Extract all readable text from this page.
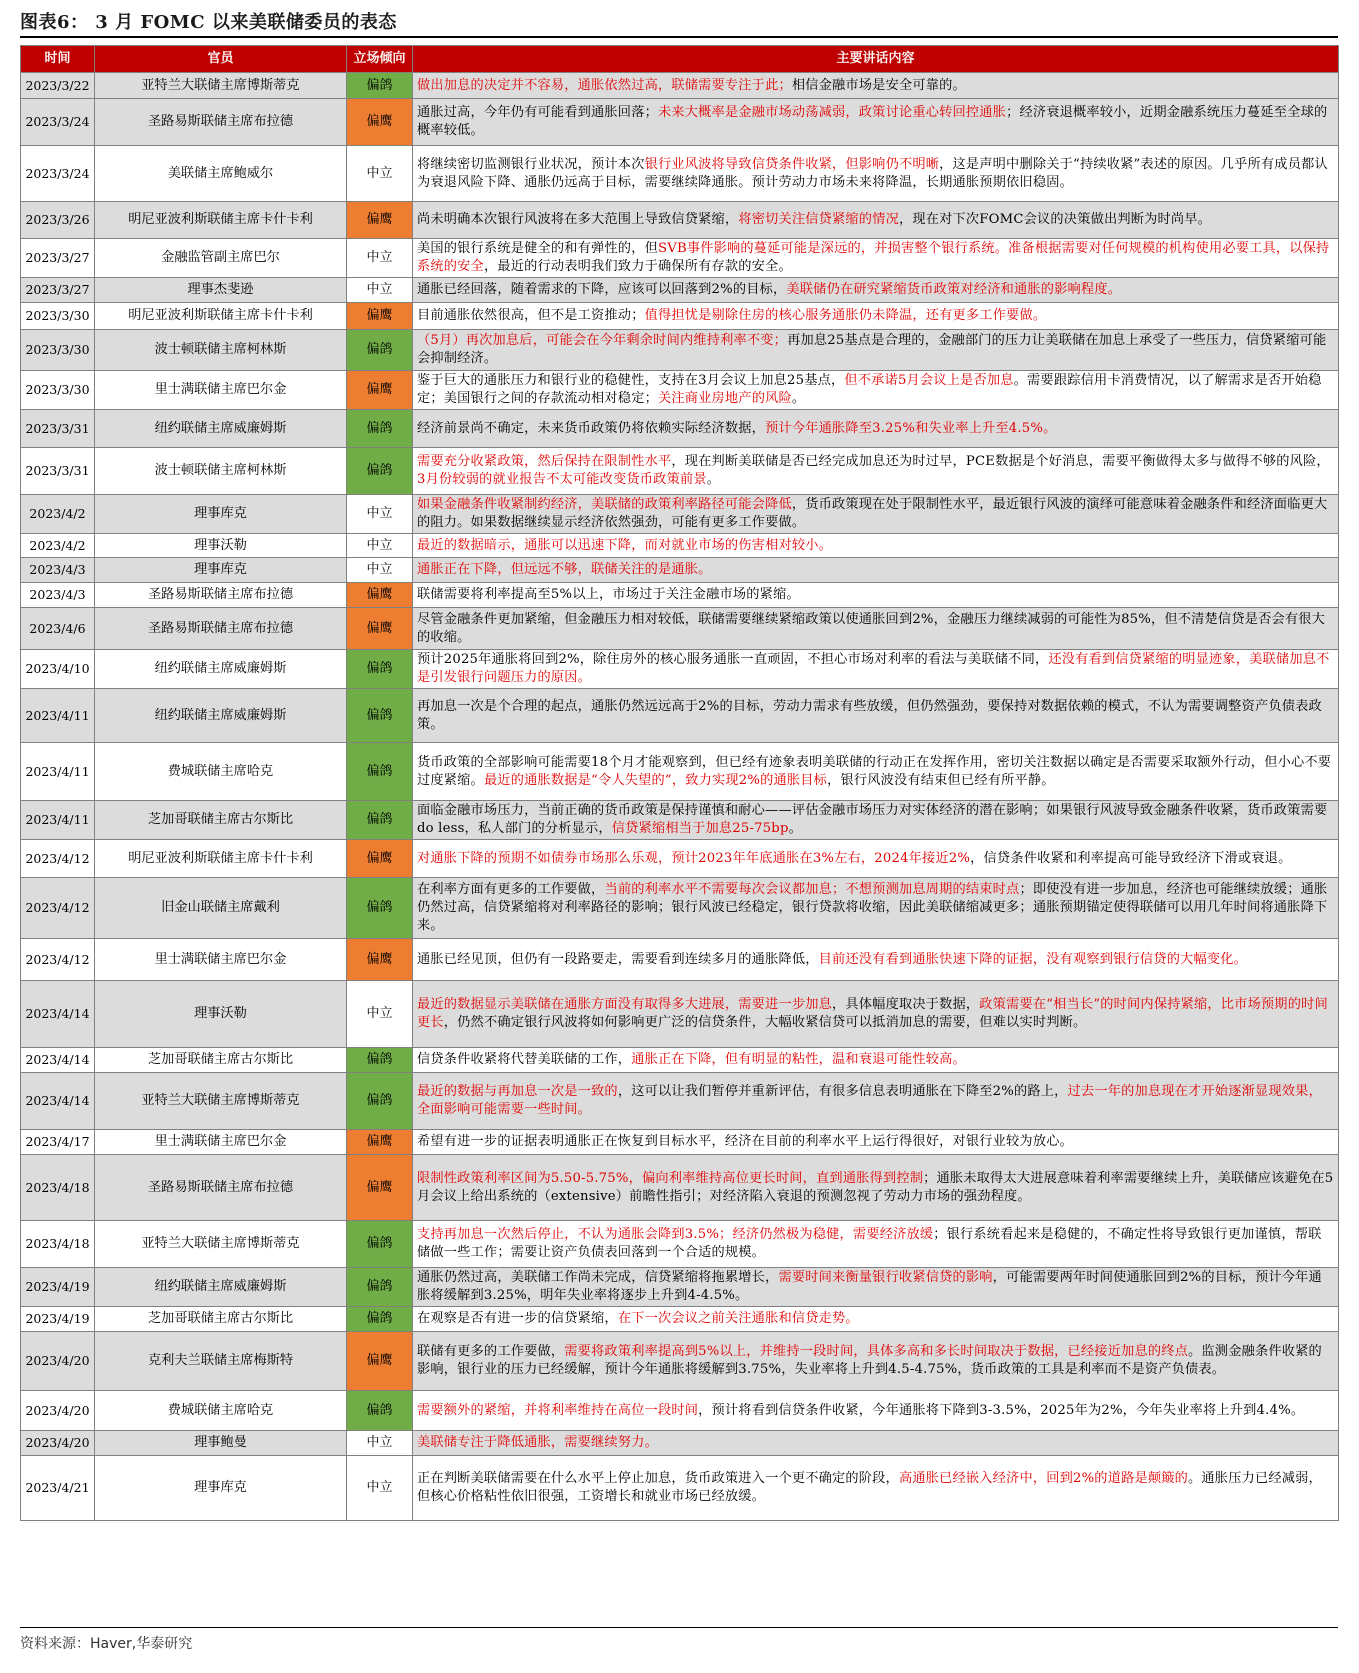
图表6： 3 月 FOMC 以来美联储委员的表态
时间	官员	立场倾向	主要讲话内容
2023/3/22	亚特兰大联储主席博斯蒂克	偏鸽	做出加息的决定并不容易，通胀依然过高，联储需要专注于此；相信金融市场是安全可靠的。
2023/3/24	圣路易斯联储主席布拉德	偏鹰	通胀过高，今年仍有可能看到通胀回落；未来大概率是金融市场动荡减弱，政策讨论重心转回控通胀；经济衰退概率较小，近期金融系统压力蔓延至全球的概率较低。
2023/3/24	美联储主席鲍威尔	中立	将继续密切监测银行业状况，预计本次银行业风波将导致信贷条件收紧，但影响仍不明晰，这是声明中删除关于“持续收紧”表述的原因。几乎所有成员都认为衰退风险下降、通胀仍远高于目标，需要继续降通胀。预计劳动力市场未来将降温，长期通胀预期依旧稳固。
2023/3/26	明尼亚波利斯联储主席卡什卡利	偏鹰	尚未明确本次银行风波将在多大范围上导致信贷紧缩，将密切关注信贷紧缩的情况，现在对下次FOMC会议的决策做出判断为时尚早。
2023/3/27	金融监管副主席巴尔	中立	美国的银行系统是健全的和有弹性的，但SVB事件影响的蔓延可能是深远的，并损害整个银行系统。准备根据需要对任何规模的机构使用必要工具，以保持系统的安全，最近的行动表明我们致力于确保所有存款的安全。
2023/3/27	理事杰斐逊	中立	通胀已经回落，随着需求的下降，应该可以回落到2%的目标，美联储仍在研究紧缩货币政策对经济和通胀的影响程度。
2023/3/30	明尼亚波利斯联储主席卡什卡利	偏鹰	目前通胀依然很高，但不是工资推动；值得担忧是剔除住房的核心服务通胀仍未降温，还有更多工作要做。
2023/3/30	波士顿联储主席柯林斯	偏鸽	（5月）再次加息后，可能会在今年剩余时间内维持利率不变；再加息25基点是合理的，金融部门的压力让美联储在加息上承受了一些压力，信贷紧缩可能会抑制经济。
2023/3/30	里士满联储主席巴尔金	偏鹰	鉴于巨大的通胀压力和银行业的稳健性，支持在3月会议上加息25基点，但不承诺5月会议上是否加息。需要跟踪信用卡消费情况，以了解需求是否开始稳定；美国银行之间的存款流动相对稳定；关注商业房地产的风险。
2023/3/31	纽约联储主席威廉姆斯	偏鸽	经济前景尚不确定，未来货币政策仍将依赖实际经济数据，预计今年通胀降至3.25%和失业率上升至4.5%。
2023/3/31	波士顿联储主席柯林斯	偏鸽	需要充分收紧政策，然后保持在限制性水平，现在判断美联储是否已经完成加息还为时过早，PCE数据是个好消息，需要平衡做得太多与做得不够的风险，3月份较弱的就业报告不太可能改变货币政策前景。
2023/4/2	理事库克	中立	如果金融条件收紧制约经济，美联储的政策利率路径可能会降低，货币政策现在处于限制性水平，最近银行风波的演绎可能意味着金融条件和经济面临更大的阻力。如果数据继续显示经济依然强劲，可能有更多工作要做。
2023/4/2	理事沃勒	中立	最近的数据暗示，通胀可以迅速下降，而对就业市场的伤害相对较小。
2023/4/3	理事库克	中立	通胀正在下降，但远远不够，联储关注的是通胀。
2023/4/3	圣路易斯联储主席布拉德	偏鹰	联储需要将利率提高至5%以上，市场过于关注金融市场的紧缩。
2023/4/6	圣路易斯联储主席布拉德	偏鹰	尽管金融条件更加紧缩，但金融压力相对较低，联储需要继续紧缩政策以使通胀回到2%，金融压力继续减弱的可能性为85%，但不清楚信贷是否会有很大的收缩。
2023/4/10	纽约联储主席威廉姆斯	偏鸽	预计2025年通胀将回到2%，除住房外的核心服务通胀一直顽固，不担心市场对利率的看法与美联储不同，还没有看到信贷紧缩的明显迹象，美联储加息不是引发银行问题压力的原因。
2023/4/11	纽约联储主席威廉姆斯	偏鸽	再加息一次是个合理的起点，通胀仍然远远高于2%的目标，劳动力需求有些放缓，但仍然强劲，要保持对数据依赖的模式，不认为需要调整资产负债表政策。
2023/4/11	费城联储主席哈克	偏鸽	货币政策的全部影响可能需要18个月才能观察到，但已经有迹象表明美联储的行动正在发挥作用，密切关注数据以确定是否需要采取额外行动，但小心不要过度紧缩。最近的通胀数据是“令人失望的”，致力实现2%的通胀目标，银行风波没有结束但已经有所平静。
2023/4/11	芝加哥联储主席古尔斯比	偏鸽	面临金融市场压力，当前正确的货币政策是保持谨慎和耐心——评估金融市场压力对实体经济的潜在影响；如果银行风波导致金融条件收紧，货币政策需要do less，私人部门的分析显示，信贷紧缩相当于加息25-75bp。
2023/4/12	明尼亚波利斯联储主席卡什卡利	偏鹰	对通胀下降的预期不如债券市场那么乐观，预计2023年年底通胀在3%左右，2024年接近2%，信贷条件收紧和利率提高可能导致经济下滑或衰退。
2023/4/12	旧金山联储主席戴利	偏鸽	在利率方面有更多的工作要做，当前的利率水平不需要每次会议都加息；不想预测加息周期的结束时点；即使没有进一步加息，经济也可能继续放缓；通胀仍然过高，信贷紧缩将对利率路径的影响；银行风波已经稳定，银行贷款将收缩，因此美联储缩减更多；通胀预期锚定使得联储可以用几年时间将通胀降下来。
2023/4/12	里士满联储主席巴尔金	偏鹰	通胀已经见顶，但仍有一段路要走，需要看到连续多月的通胀降低，目前还没有看到通胀快速下降的证据，没有观察到银行信贷的大幅变化。
2023/4/14	理事沃勒	中立	最近的数据显示美联储在通胀方面没有取得多大进展，需要进一步加息，具体幅度取决于数据，政策需要在“相当长”的时间内保持紧缩，比市场预期的时间更长，仍然不确定银行风波将如何影响更广泛的信贷条件，大幅收紧信贷可以抵消加息的需要，但难以实时判断。
2023/4/14	芝加哥联储主席古尔斯比	偏鸽	信贷条件收紧将代替美联储的工作，通胀正在下降，但有明显的粘性，温和衰退可能性较高。
2023/4/14	亚特兰大联储主席博斯蒂克	偏鸽	最近的数据与再加息一次是一致的，这可以让我们暂停并重新评估，有很多信息表明通胀在下降至2%的路上，过去一年的加息现在才开始逐渐显现效果，全面影响可能需要一些时间。
2023/4/17	里士满联储主席巴尔金	偏鹰	希望有进一步的证据表明通胀正在恢复到目标水平，经济在目前的利率水平上运行得很好，对银行业较为放心。
2023/4/18	圣路易斯联储主席布拉德	偏鹰	限制性政策利率区间为5.50-5.75%，偏向利率维持高位更长时间，直到通胀得到控制；通胀未取得太大进展意味着利率需要继续上升，美联储应该避免在5月会议上给出系统的（extensive）前瞻性指引；对经济陷入衰退的预测忽视了劳动力市场的强劲程度。
2023/4/18	亚特兰大联储主席博斯蒂克	偏鸽	支持再加息一次然后停止，不认为通胀会降到3.5%；经济仍然极为稳健，需要经济放缓；银行系统看起来是稳健的，不确定性将导致银行更加谨慎，帮联储做一些工作；需要让资产负债表回落到一个合适的规模。
2023/4/19	纽约联储主席威廉姆斯	偏鸽	通胀仍然过高，美联储工作尚未完成，信贷紧缩将拖累增长，需要时间来衡量银行收紧信贷的影响，可能需要两年时间使通胀回到2%的目标，预计今年通胀将缓解到3.25%，明年失业率将逐步上升到4-4.5%。
2023/4/19	芝加哥联储主席古尔斯比	偏鸽	在观察是否有进一步的信贷紧缩，在下一次会议之前关注通胀和信贷走势。
2023/4/20	克利夫兰联储主席梅斯特	偏鹰	联储有更多的工作要做，需要将政策利率提高到5%以上，并维持一段时间，具体多高和多长时间取决于数据，已经接近加息的终点。监测金融条件收紧的影响，银行业的压力已经缓解，预计今年通胀将缓解到3.75%，失业率将上升到4.5-4.75%，货币政策的工具是利率而不是资产负债表。
2023/4/20	费城联储主席哈克	偏鸽	需要额外的紧缩，并将利率维持在高位一段时间，预计将看到信贷条件收紧，今年通胀将下降到3-3.5%，2025年为2%，今年失业率将上升到4.4%。
2023/4/20	理事鲍曼	中立	美联储专注于降低通胀，需要继续努力。
2023/4/21	理事库克	中立	正在判断美联储需要在什么水平上停止加息，货币政策进入一个更不确定的阶段，高通胀已经嵌入经济中，回到2%的道路是颠簸的。通胀压力已经减弱，但核心价格粘性依旧很强，工资增长和就业市场已经放缓。
资料来源：Haver,华泰研究
